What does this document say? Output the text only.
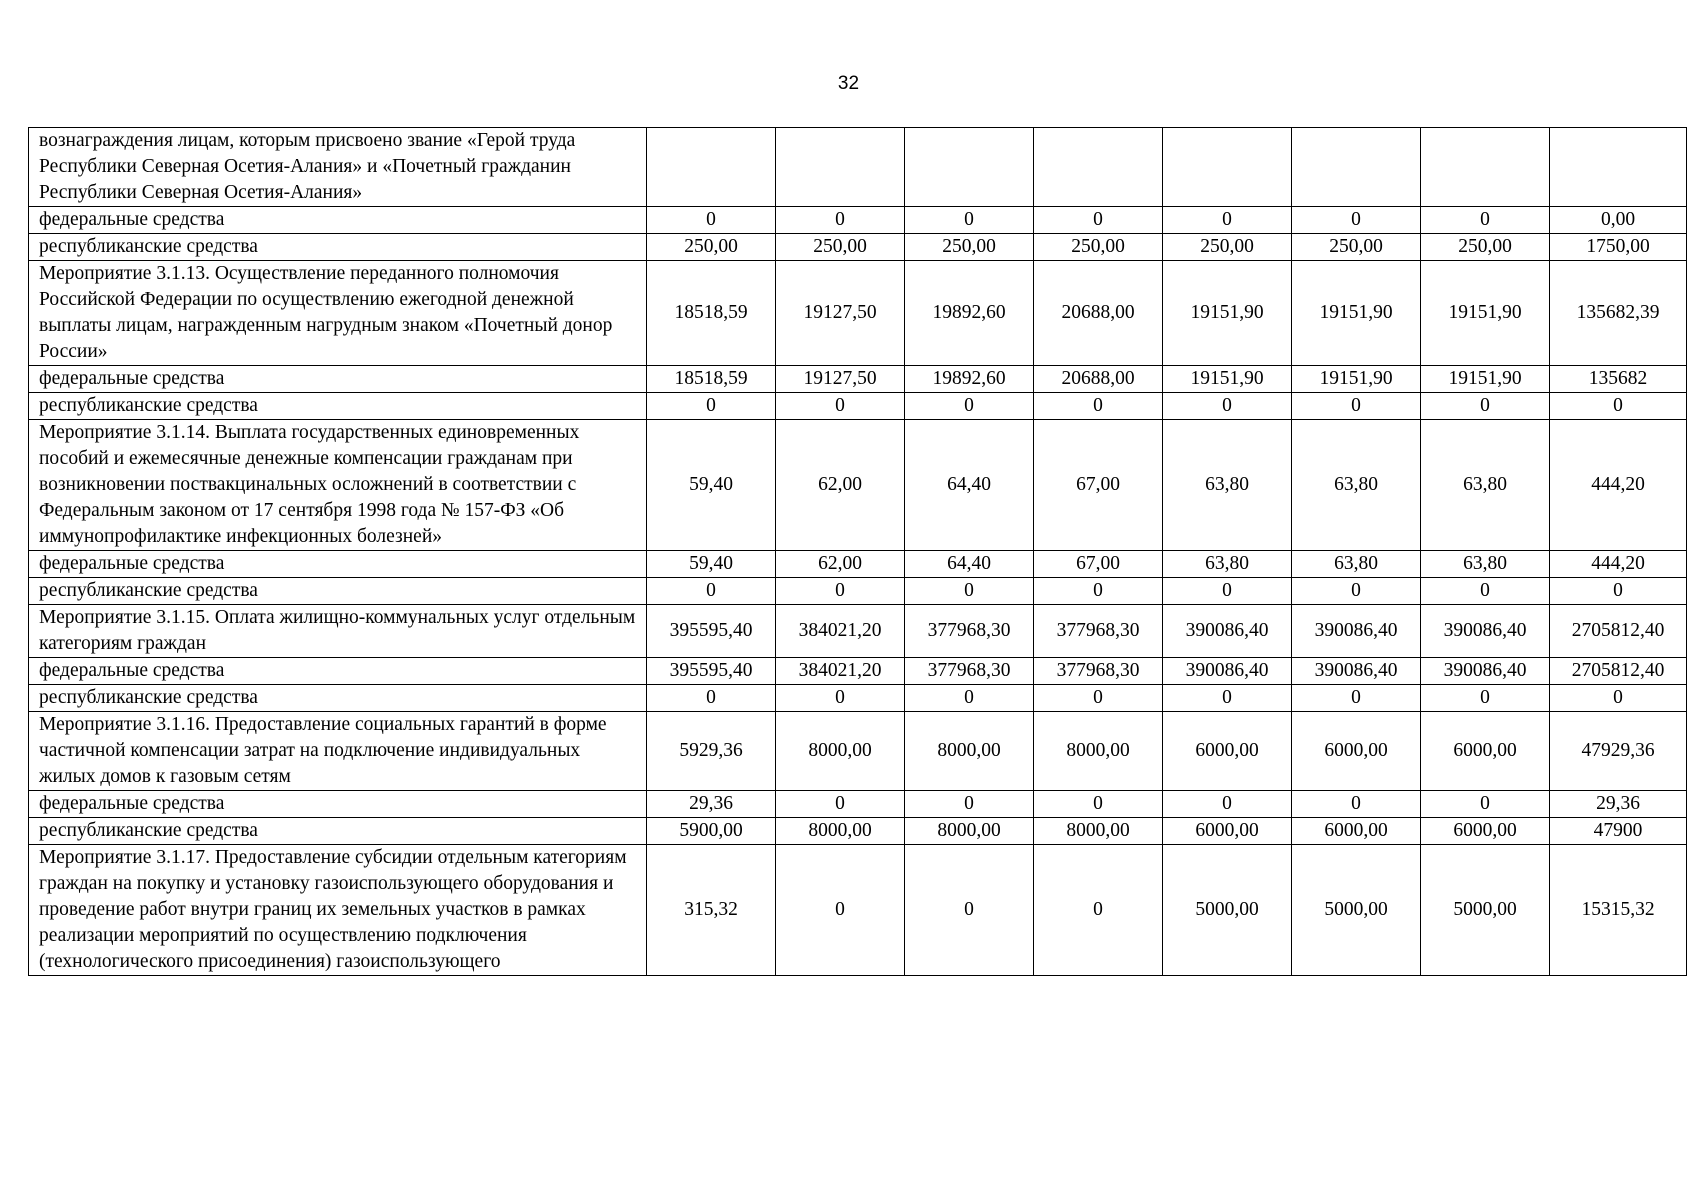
32
вознаграждения лицам, которым присвоено звание «Герой труда Республики Северная Осетия-Алания» и «Почетный гражданин Республики Северная Осетия-Алания»								
федеральные средства	0	0	0	0	0	0	0	0,00
республиканские средства	250,00	250,00	250,00	250,00	250,00	250,00	250,00	1750,00
Мероприятие 3.1.13. Осуществление переданного полномочия Российской Федерации по осуществлению ежегодной денежной выплаты лицам, награжденным нагрудным знаком «Почетный донор России»	18518,59	19127,50	19892,60	20688,00	19151,90	19151,90	19151,90	135682,39
федеральные средства	18518,59	19127,50	19892,60	20688,00	19151,90	19151,90	19151,90	135682
республиканские средства	0	0	0	0	0	0	0	0
Мероприятие 3.1.14. Выплата государственных единовременных пособий и ежемесячные денежные компенсации гражданам при возникновении поствакцинальных осложнений в соответствии с Федеральным законом от 17 сентября 1998 года № 157-ФЗ «Об иммунопрофилактике инфекционных болезней»	59,40	62,00	64,40	67,00	63,80	63,80	63,80	444,20
федеральные средства	59,40	62,00	64,40	67,00	63,80	63,80	63,80	444,20
республиканские средства	0	0	0	0	0	0	0	0
Мероприятие 3.1.15. Оплата жилищно-коммунальных услуг отдельным категориям граждан	395595,40	384021,20	377968,30	377968,30	390086,40	390086,40	390086,40	2705812,40
федеральные средства	395595,40	384021,20	377968,30	377968,30	390086,40	390086,40	390086,40	2705812,40
республиканские средства	0	0	0	0	0	0	0	0
Мероприятие 3.1.16. Предоставление социальных гарантий в форме частичной компенсации затрат на подключение индивидуальных жилых домов к газовым сетям	5929,36	8000,00	8000,00	8000,00	6000,00	6000,00	6000,00	47929,36
федеральные средства	29,36	0	0	0	0	0	0	29,36
республиканские средства	5900,00	8000,00	8000,00	8000,00	6000,00	6000,00	6000,00	47900
Мероприятие 3.1.17. Предоставление субсидии отдельным категориям граждан на покупку и установку газоиспользующего оборудования и проведение работ внутри границ их земельных участков в рамках реализации мероприятий по осуществлению подключения (технологического присоединения) газоиспользующего	315,32	0	0	0	5000,00	5000,00	5000,00	15315,32
